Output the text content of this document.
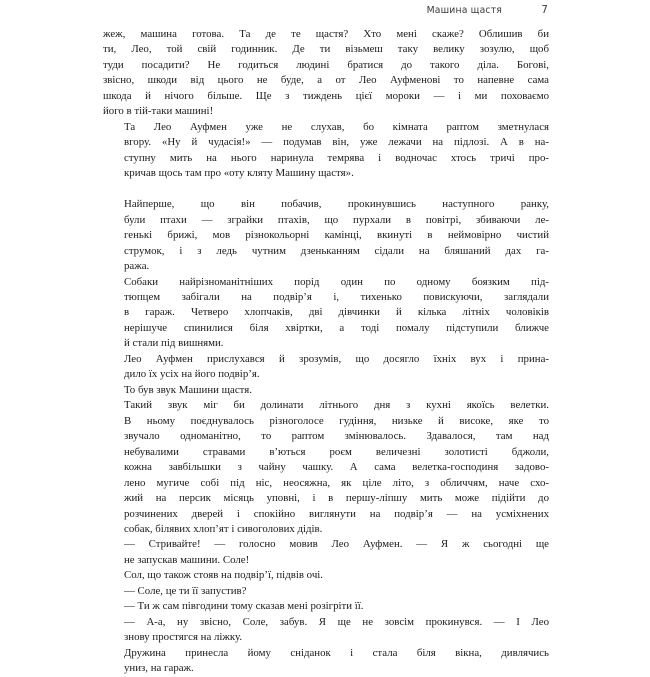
Машина щастя	7

жеж, машина готова. Та де те щастя? Хто мені скаже? Облишив би
ти, Лео, той свій годинник. Де ти візьмеш таку велику зозулю, щоб
туди посадити? Не годиться людині братися до такого діла. Богові,
звісно, шкоди від цього не буде, а от Лео Ауфменові то напевне сама
шкода й нічого більше. Ще з тиждень цієї мороки — і ми поховаємо
його в тій-таки машині!

Та Лео Ауфмен уже не слухав, бо кімната раптом зметнулася
вгору. «Ну й чудасія!» — подумав він, уже лежачи на підлозі. А в на-
ступну мить на нього наринула темрява і водночас хтось тричі про-
кричав щось там про «оту кляту Машину щастя».

Найперше, що він побачив, прокинувшись наступного ранку,
були птахи — зграйки птахів, що пурхали в повітрі, збиваючи ле-
генькі брижі, мов різнокольорні камінці, вкинуті в неймовірно чистий
струмок, і з ледь чутним дзеньканням сідали на бляшаний дах га-
ража.

Собаки найрізноманітніших порід один по одному боязким під-
тюпцем забігали на подвір’я і, тихенько повискуючи, заглядали
в гараж. Четверо хлопчаків, дві дівчинки й кілька літніх чоловіків
нерішуче спинилися біля хвіртки, а тоді помалу підступили ближче
й стали під вишнями.

Лео Ауфмен прислухався й зрозумів, що досягло їхніх вух і прина-
дило їх усіх на його подвір’я.

То був звук Машини щастя.

Такий звук міг би долинати літнього дня з кухні якоїсь велетки.
В ньому поєднувалось різноголосе гудіння, низьке й високе, яке то
звучало одноманітно, то раптом змінювалось. Здавалося, там над
небувалими стравами в’ються роєм величезні золотисті бджоли,
кожна завбільшки з чайну чашку. А сама велетка-господиня задово-
лено мугиче собі під ніс, неосяжна, як ціле літо, з обличчям, наче схо-
жий на персик місяць уповні, і в першу-ліпшу мить може підійти до
розчинених дверей і спокійно виглянути на подвір’я — на усміхнених
собак, білявих хлоп’ят і сивоголових дідів.

— Стривайте! — голосно мовив Лео Ауфмен. — Я ж сьогодні ще
не запускав машини. Соле!

Сол, що також стояв на подвір’ї, підвів очі.

— Соле, це ти її запустив?

— Ти ж сам півгодини тому сказав мені розігріти її.

— А-а, ну звісно, Соле, забув. Я ще не зовсім прокинувся. — І Лео
знову простягся на ліжку.

Дружина принесла йому сніданок і стала біля вікна, дивлячись
униз, на гараж.
